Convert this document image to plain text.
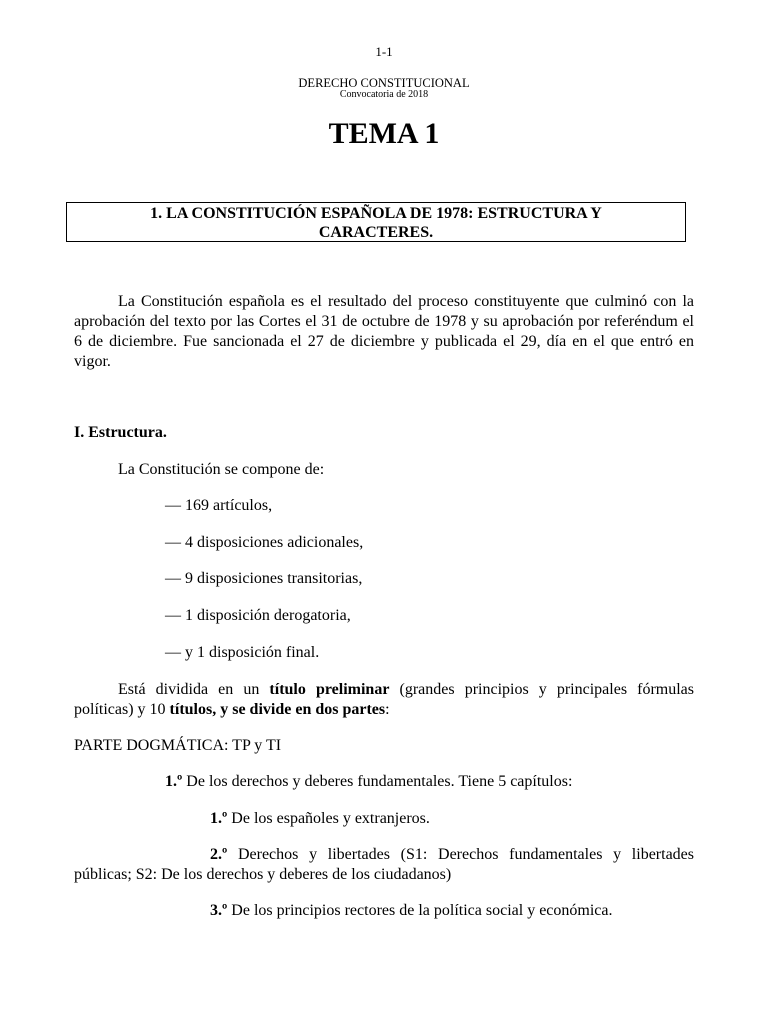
1-1
DERECHO CONSTITUCIONAL
Convocatoria de 2018
TEMA 1
1. LA CONSTITUCIÓN ESPAÑOLA DE 1978: ESTRUCTURA Y
CARACTERES.
La Constitución española es el resultado del proceso constituyente que culminó con la aprobación del texto por las Cortes el 31 de octubre de 1978 y su aprobación por referéndum el 6 de diciembre. Fue sancionada el 27 de diciembre y publicada el 29, día en el que entró en vigor.
I. Estructura.
La Constitución se compone de:
— 169 artículos,
— 4 disposiciones adicionales,
— 9 disposiciones transitorias,
— 1 disposición derogatoria,
— y 1 disposición final.
Está dividida en un título preliminar (grandes principios y principales fórmulas políticas) y 10 títulos, y se divide en dos partes:
PARTE DOGMÁTICA: TP y TI
1.º De los derechos y deberes fundamentales. Tiene 5 capítulos:
1.º De los españoles y extranjeros.
2.º Derechos y libertades (S1: Derechos fundamentales y libertades públicas; S2: De los derechos y deberes de los ciudadanos)
3.º De los principios rectores de la política social y económica.
